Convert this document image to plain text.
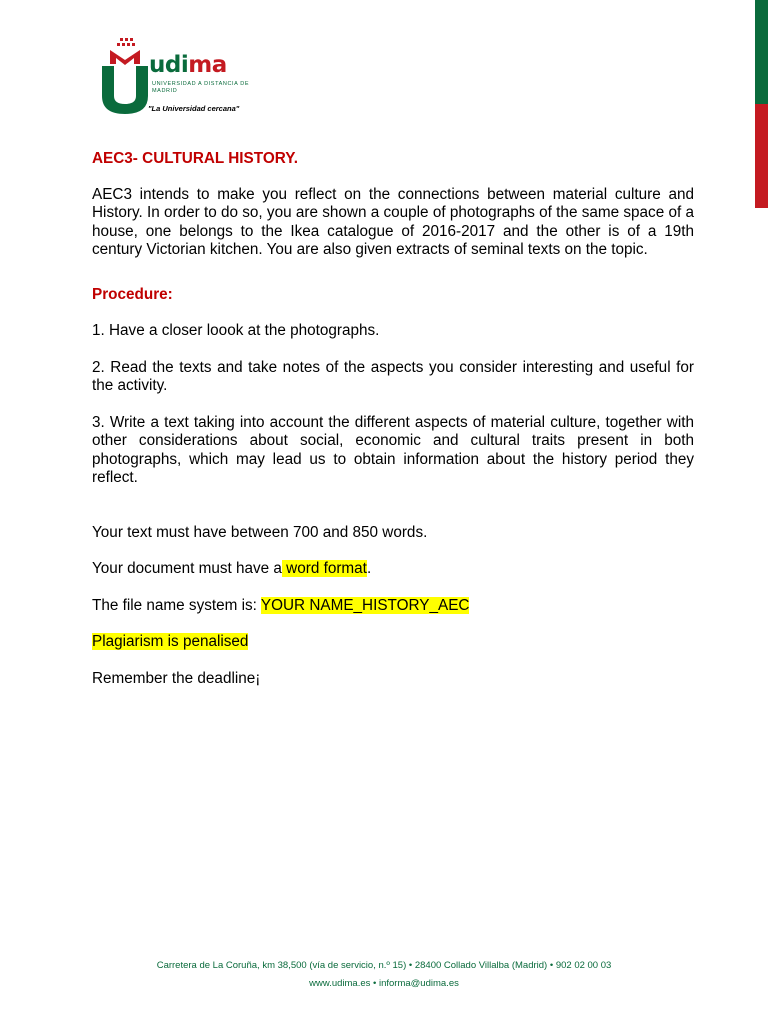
udima
UNIVERSIDAD A DISTANCIA DE MADRID
"La Universidad cercana"

AEC3- CULTURAL HISTORY.

AEC3 intends to make you reflect on the connections between material culture and History. In order to do so, you are shown a couple of photographs of the same space of a house, one belongs to the Ikea catalogue of 2016-2017 and the other is of a 19th century Victorian kitchen. You are also given extracts of seminal texts on the topic.

Procedure:

1. Have a closer loook at the photographs.

2. Read the texts and take notes of the aspects you consider interesting and useful for the activity.

3. Write a text taking into account the different aspects of material culture, together with other considerations about social, economic and cultural traits present in both photographs, which may lead us to obtain information about the history period they reflect.

Your text must have between 700 and 850 words.

Your document must have a word format.

The file name system is: YOUR NAME_HISTORY_AEC

Plagiarism is penalised

Remember the deadline¡

Carretera de La Coruña, km 38,500 (vía de servicio, n.º 15) • 28400 Collado Villalba (Madrid) • 902 02 00 03
www.udima.es • informa@udima.es
